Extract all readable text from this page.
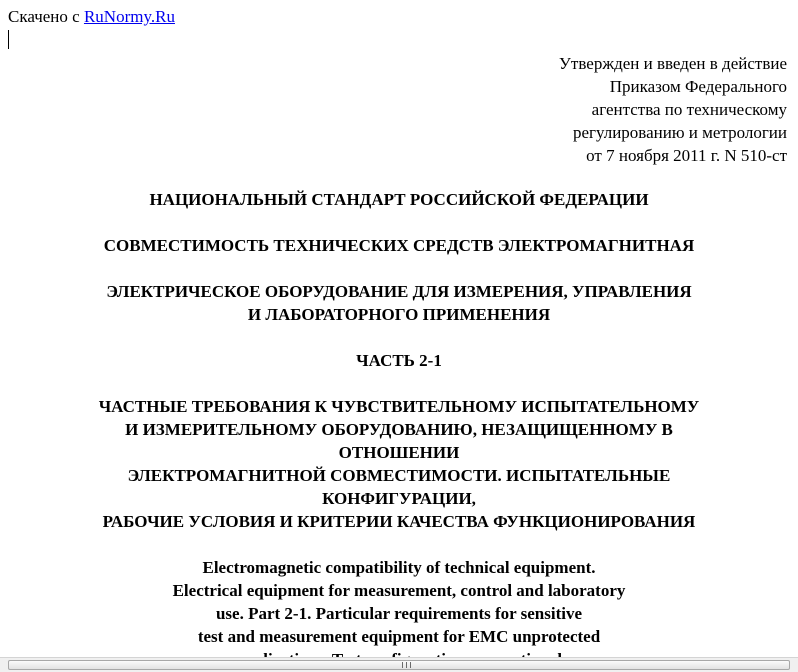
Скачено с RuNormy.Ru
Утвержден и введен в действие
Приказом Федерального
агентства по техническому
регулированию и метрологии
от 7 ноября 2011 г. N 510-ст
НАЦИОНАЛЬНЫЙ СТАНДАРТ РОССИЙСКОЙ ФЕДЕРАЦИИ
СОВМЕСТИМОСТЬ ТЕХНИЧЕСКИХ СРЕДСТВ ЭЛЕКТРОМАГНИТНАЯ
ЭЛЕКТРИЧЕСКОЕ ОБОРУДОВАНИЕ ДЛЯ ИЗМЕРЕНИЯ, УПРАВЛЕНИЯ
И ЛАБОРАТОРНОГО ПРИМЕНЕНИЯ
ЧАСТЬ 2-1
ЧАСТНЫЕ ТРЕБОВАНИЯ К ЧУВСТВИТЕЛЬНОМУ ИСПЫТАТЕЛЬНОМУ
И ИЗМЕРИТЕЛЬНОМУ ОБОРУДОВАНИЮ, НЕЗАЩИЩЕННОМУ В
ОТНОШЕНИИ
ЭЛЕКТРОМАГНИТНОЙ СОВМЕСТИМОСТИ. ИСПЫТАТЕЛЬНЫЕ
КОНФИГУРАЦИИ,
РАБОЧИЕ УСЛОВИЯ И КРИТЕРИИ КАЧЕСТВА ФУНКЦИОНИРОВАНИЯ
Electromagnetic compatibility of technical equipment.
Electrical equipment for measurement, control and laboratory
use. Part 2-1. Particular requirements for sensitive
test and measurement equipment for EMC unprotected
